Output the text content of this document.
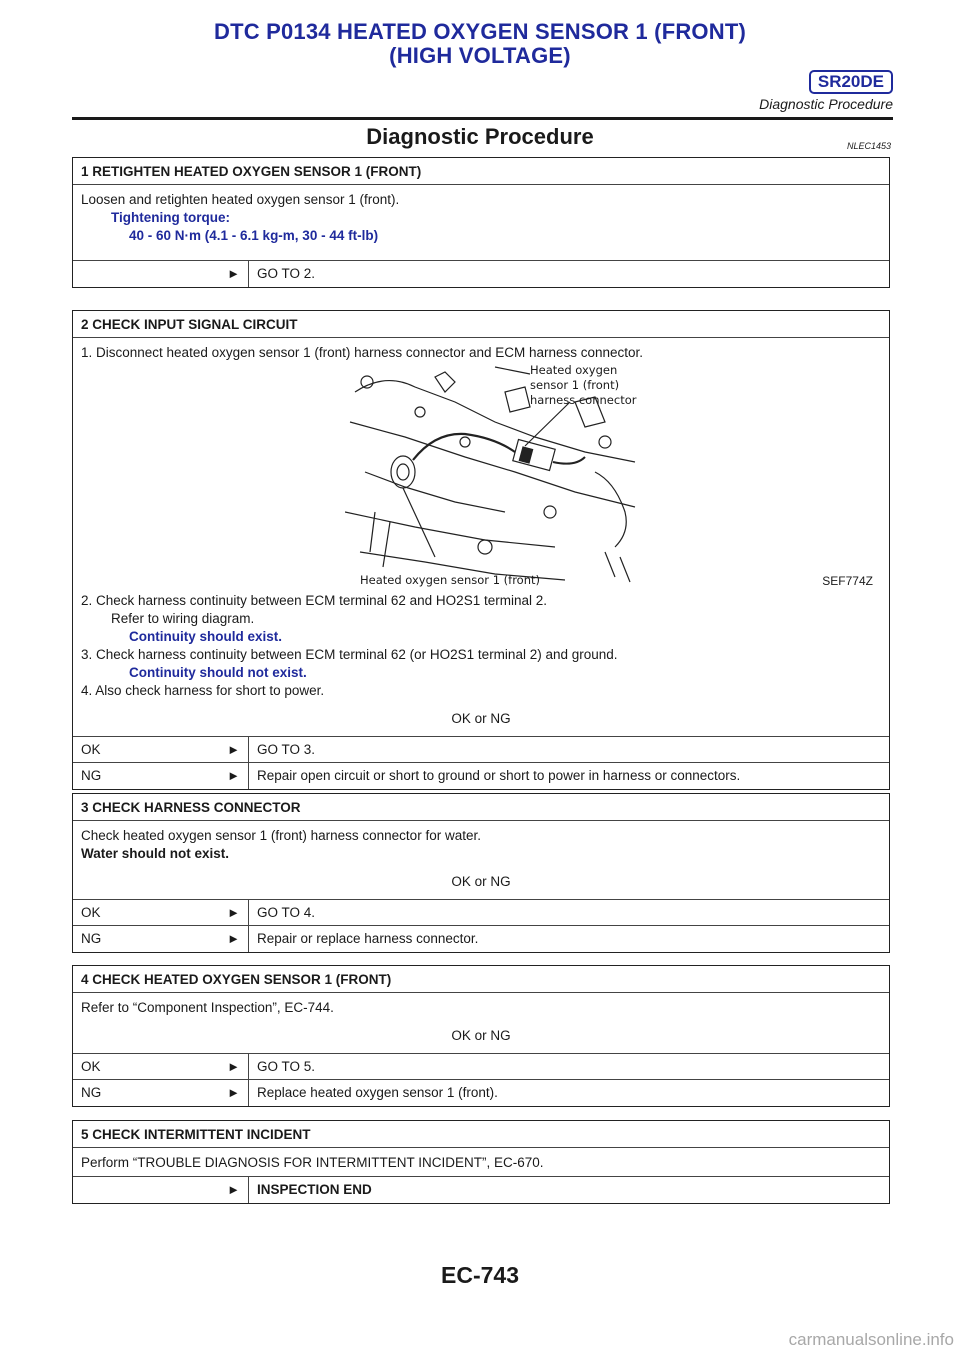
DTC P0134 HEATED OXYGEN SENSOR 1 (FRONT)
(HIGH VOLTAGE)
SR20DE
Diagnostic Procedure
Diagnostic Procedure	NLEC1453
1 RETIGHTEN HEATED OXYGEN SENSOR 1 (FRONT)
Loosen and retighten heated oxygen sensor 1 (front).
Tightening torque:
40 - 60 N·m (4.1 - 6.1 kg-m, 30 - 44 ft-lb)
►	GO TO 2.
2 CHECK INPUT SIGNAL CIRCUIT
1. Disconnect heated oxygen sensor 1 (front) harness connector and ECM harness connector.
Heated oxygen
sensor 1 (front)
harness connector
Heated oxygen sensor 1 (front)	SEF774Z
2. Check harness continuity between ECM terminal 62 and HO2S1 terminal 2.
Refer to wiring diagram.
Continuity should exist.
3. Check harness continuity between ECM terminal 62 (or HO2S1 terminal 2) and ground.
Continuity should not exist.
4. Also check harness for short to power.
OK or NG
OK	►	GO TO 3.
NG	►	Repair open circuit or short to ground or short to power in harness or connectors.
3 CHECK HARNESS CONNECTOR
Check heated oxygen sensor 1 (front) harness connector for water.
Water should not exist.
OK or NG
OK	►	GO TO 4.
NG	►	Repair or replace harness connector.
4 CHECK HEATED OXYGEN SENSOR 1 (FRONT)
Refer to “Component Inspection”, EC-744.
OK or NG
OK	►	GO TO 5.
NG	►	Replace heated oxygen sensor 1 (front).
5 CHECK INTERMITTENT INCIDENT
Perform “TROUBLE DIAGNOSIS FOR INTERMITTENT INCIDENT”, EC-670.
►	INSPECTION END
EC-743
carmanualsonline.info
